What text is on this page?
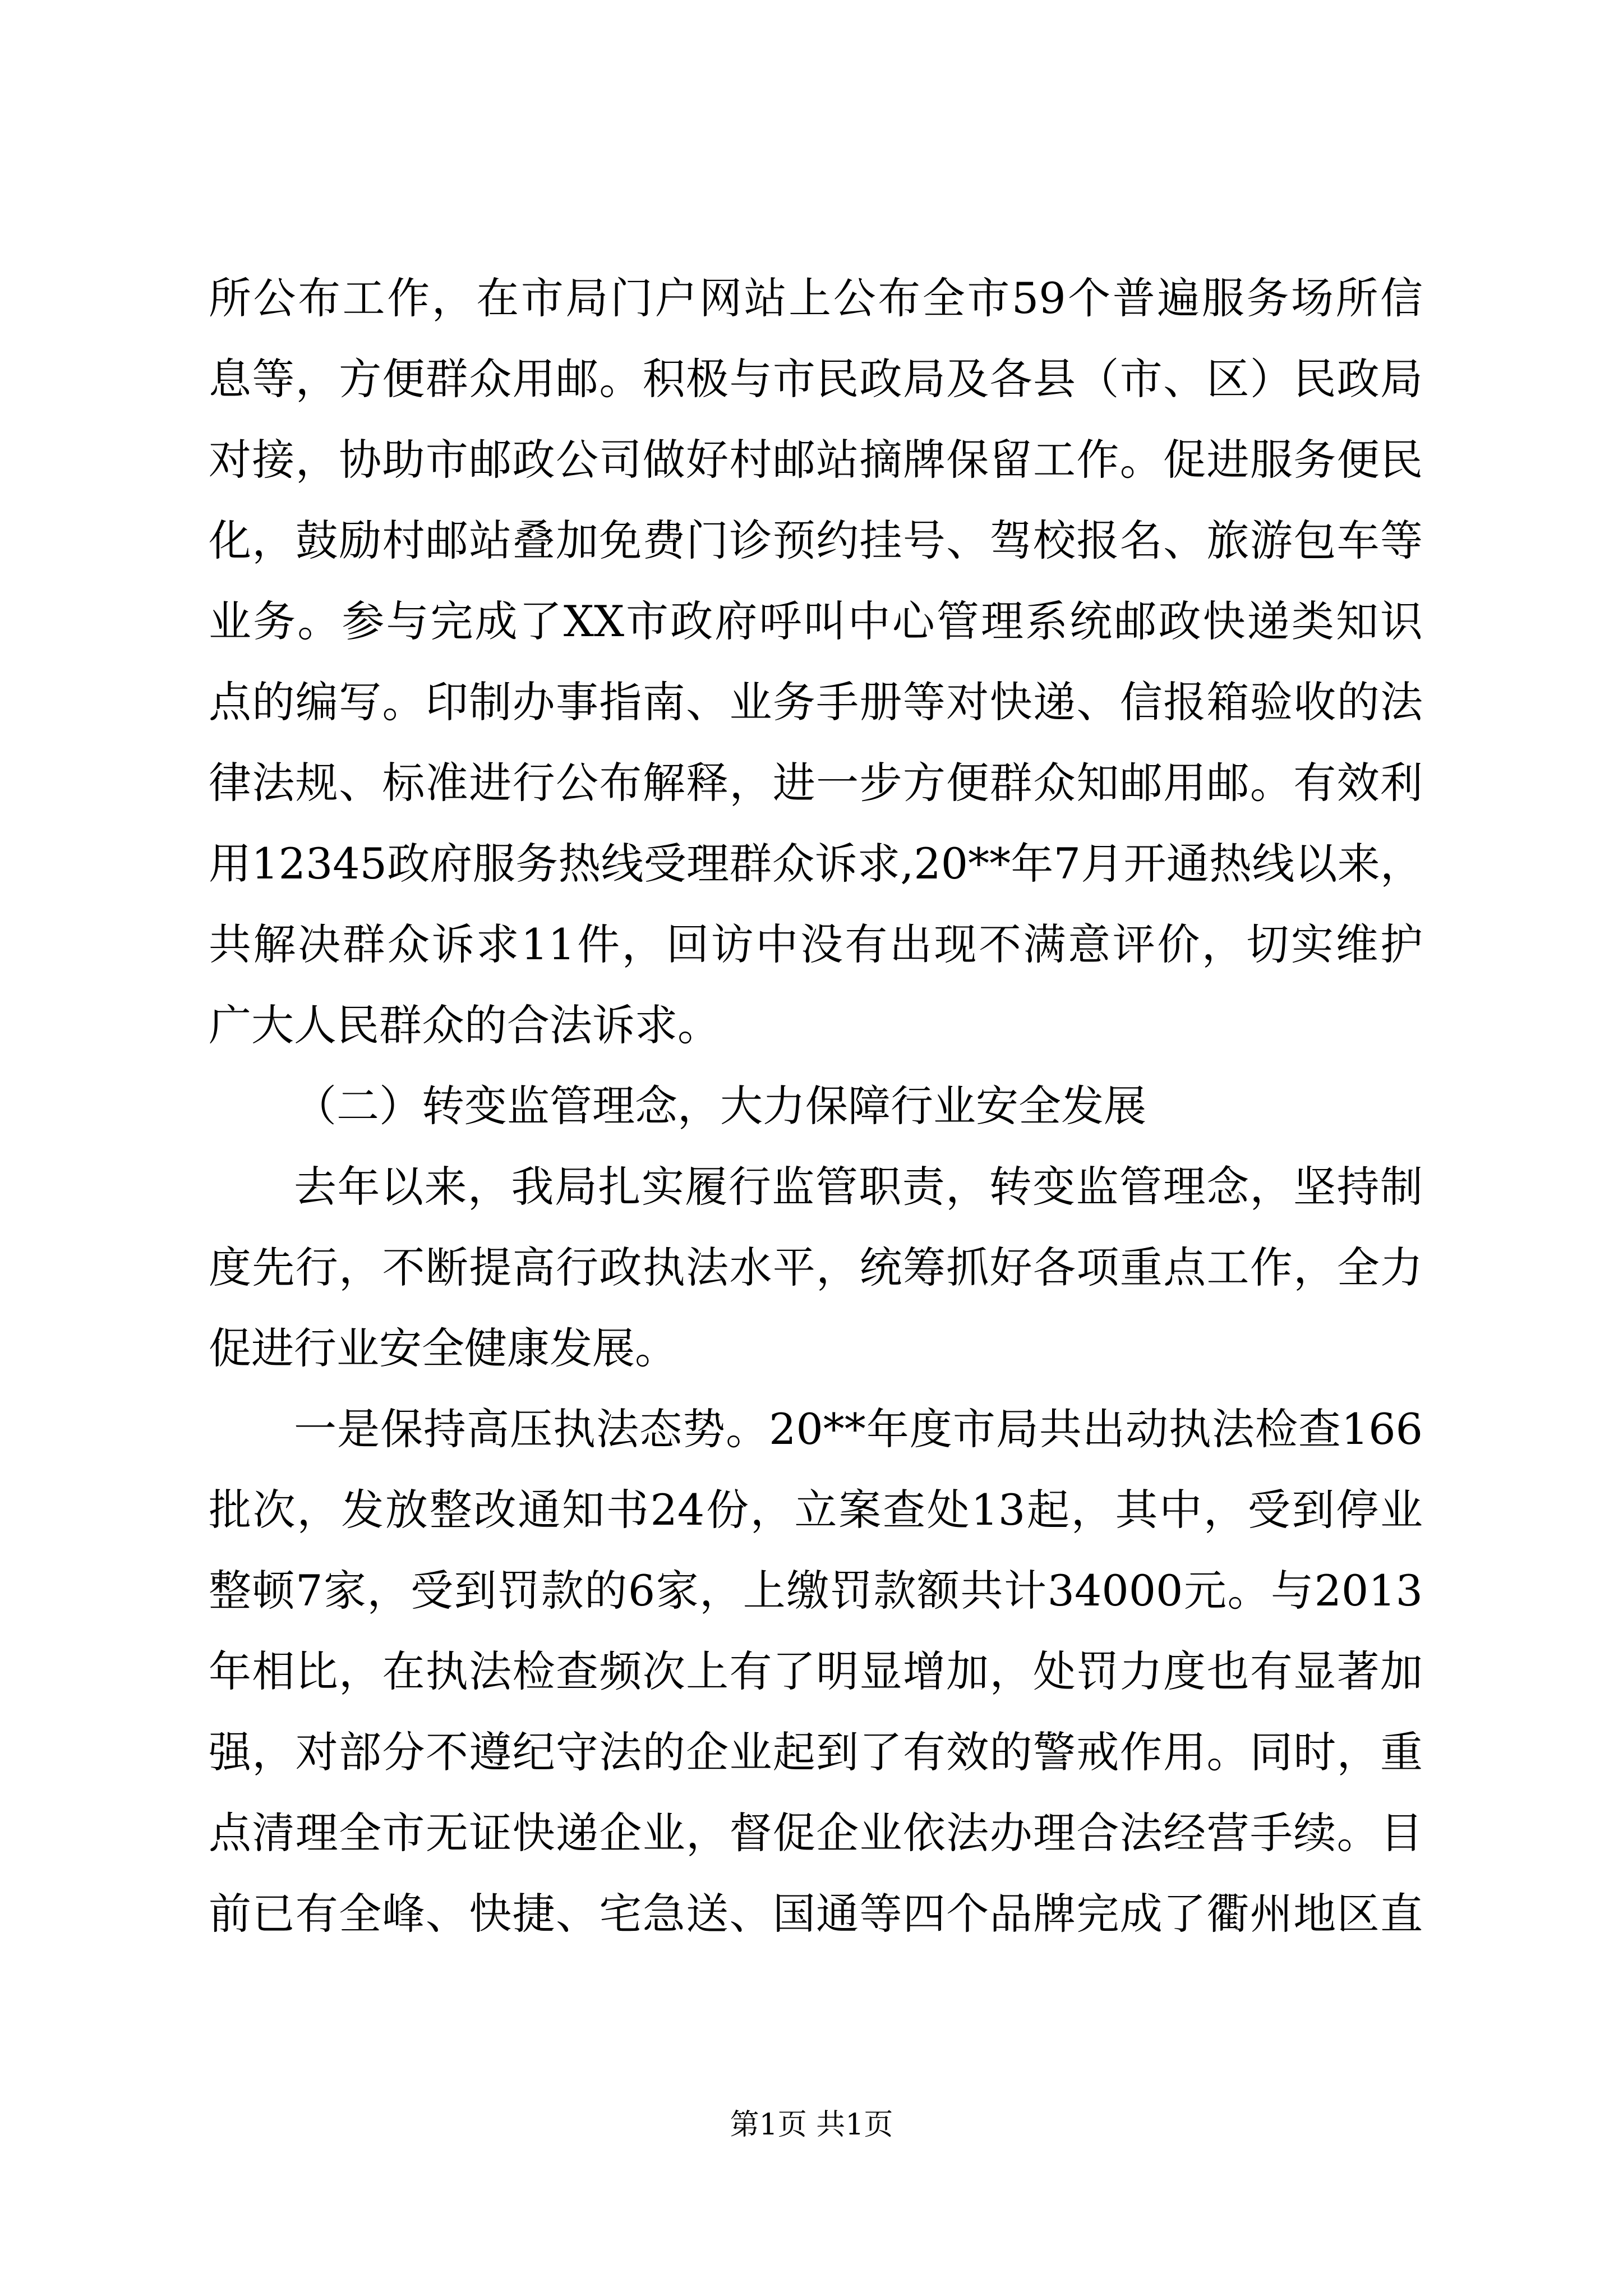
所公布工作，在市局门户网站上公布全市59个普遍服务场所信
息等，方便群众用邮。积极与市民政局及各县（市、区）民政局
对接，协助市邮政公司做好村邮站摘牌保留工作。促进服务便民
化，鼓励村邮站叠加免费门诊预约挂号、驾校报名、旅游包车等
业务。参与完成了XX市政府呼叫中心管理系统邮政快递类知识
点的编写。印制办事指南、业务手册等对快递、信报箱验收的法
律法规、标准进行公布解释，进一步方便群众知邮用邮。有效利
用12345政府服务热线受理群众诉求,20**年7月开通热线以来，
共解决群众诉求11件，回访中没有出现不满意评价，切实维护
广大人民群众的合法诉求。
（二）转变监管理念，大力保障行业安全发展
去年以来，我局扎实履行监管职责，转变监管理念，坚持制
度先行，不断提高行政执法水平，统筹抓好各项重点工作，全力
促进行业安全健康发展。
一是保持高压执法态势。20**年度市局共出动执法检查166
批次，发放整改通知书24份，立案查处13起，其中，受到停业
整顿7家，受到罚款的6家，上缴罚款额共计34000元。与2013
年相比，在执法检查频次上有了明显增加，处罚力度也有显著加
强，对部分不遵纪守法的企业起到了有效的警戒作用。同时，重
点清理全市无证快递企业，督促企业依法办理合法经营手续。目
前已有全峰、快捷、宅急送、国通等四个品牌完成了衢州地区直
第1页 共1页
